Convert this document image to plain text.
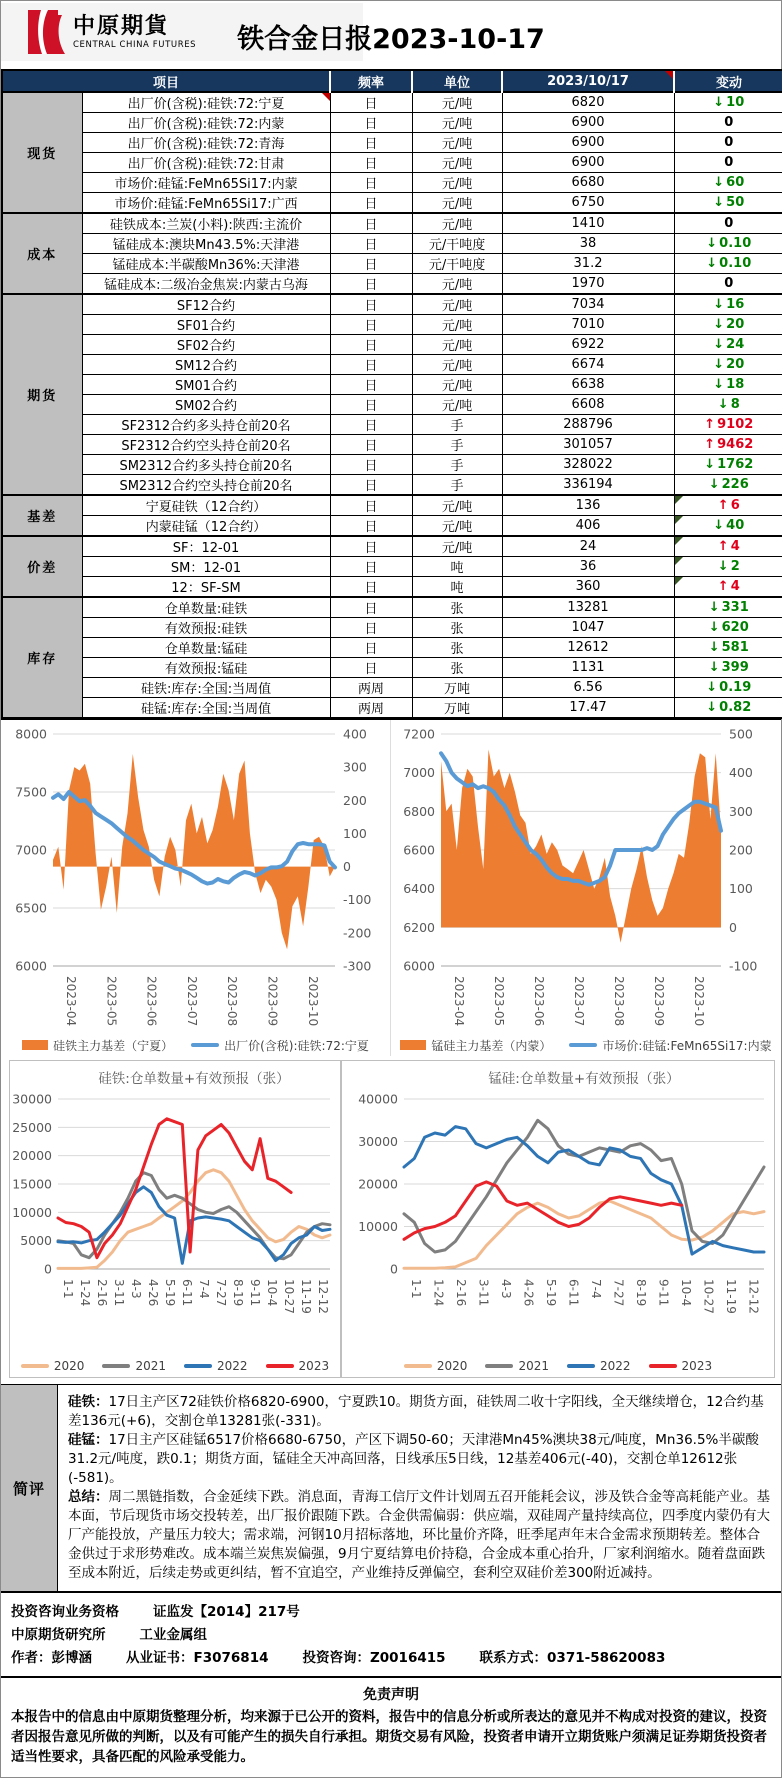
中原期貨
CENTRAL CHINA FUTURES 铁合金日报2023-10-17
项目		频率	单位	2023/10/17	变动
现货	出厂价(含税):硅铁:72:宁夏	日	元/吨	6820	↓ 10
	出厂价(含税):硅铁:72:内蒙	日	元/吨	6900	0
	出厂价(含税):硅铁:72:青海	日	元/吨	6900	0
	出厂价(含税):硅铁:72:甘肃	日	元/吨	6900	0
	市场价:硅锰:FeMn65Si17:内蒙	日	元/吨	6680	↓ 60
	市场价:硅锰:FeMn65Si17:广西	日	元/吨	6750	↓ 50
成本	硅铁成本:兰炭(小料):陕西:主流价	日	元/吨	1410	0
	锰硅成本:澳块Mn43.5%:天津港	日	元/干吨度	38	↓ 0.10
	锰硅成本:半碳酸Mn36%:天津港	日	元/干吨度	31.2	↓ 0.10
	锰硅成本:二级冶金焦炭:内蒙古乌海	日	元/吨	1970	0
期货	SF12合约	日	元/吨	7034	↓ 16
	SF01合约	日	元/吨	7010	↓ 20
	SF02合约	日	元/吨	6922	↓ 24
	SM12合约	日	元/吨	6674	↓ 20
	SM01合约	日	元/吨	6638	↓ 18
	SM02合约	日	元/吨	6608	↓ 8
	SF2312合约多头持仓前20名	日	手	288796	↑ 9102
	SF2312合约空头持仓前20名	日	手	301057	↑ 9462
	SM2312合约多头持仓前20名	日	手	328022	↓ 1762
	SM2312合约空头持仓前20名	日	手	336194	↓ 226
基差	宁夏硅铁（12合约）	日	元/吨	136	↑ 6
	内蒙硅锰（12合约）	日	元/吨	406	↓ 40
价差	SF：12-01	日	元/吨	24	↑ 4
	SM：12-01	日	吨	36	↓ 2
	12：SF-SM	日	吨	360	↑ 4
库存	仓单数量:硅铁	日	张	13281	↓ 331
	有效预报:硅铁	日	张	1047	↓ 620
	仓单数量:锰硅	日	张	12612	↓ 581
	有效预报:锰硅	日	张	1131	↓ 399
	硅铁:库存:全国:当周值	两周	万吨	6.56	↓ 0.19
	硅锰:库存:全国:当周值	两周	万吨	17.47	↓ 0.82
6000
6500
7000
7500
8000
-300
-200
-100
0
100
200
300
400
2023-04 2023-05 2023-06 2023-07 2023-08 2023-09 2023-10
硅铁主力基差（宁夏）	出厂价(含税):硅铁:72:宁夏
6000
6200
6400
6600
6800
7000
7200
-100
0
100
200
300
400
500
2023-04 2023-05 2023-06 2023-07 2023-08 2023-09 2023-10
锰硅主力基差（内蒙）	市场价:硅锰:FeMn65Si17:内蒙
硅铁:仓单数量+有效预报（张）
0
5000
10000
15000
20000
25000
30000
1-1 1-24 2-16 3-11 4-3 4-26 5-19 6-11 7-4 7-27 8-19 9-11 10-4 10-27 11-19 12-12
2020	2021	2022	2023
锰硅:仓单数量+有效预报（张）
0
10000
20000
30000
40000
1-1 1-24 2-16 3-11 4-3 4-26 5-19 6-11 7-4 7-27 8-19 9-11 10-4 10-27 11-19 12-12
2020	2021	2022	2023
简评

硅铁：17日主产区72硅铁价格6820-6900，宁夏跌10。期货方面，硅铁周二收十字阳线，全天继续增仓，12合约基差136元(+6)，交割仓单13281张(-331)。

硅锰：17日主产区硅锰6517价格6680-6750，产区下调50-60；天津港Mn45%澳块38元/吨度，Mn36.5%半碳酸31.2元/吨度，跌0.1；期货方面，锰硅全天冲高回落，日线承压5日线，12基差406元(-40)，交割仓单12612张(-581)。

总结：周二黑链指数，合金延续下跌。消息面，青海工信厅文件计划周五召开能耗会议，涉及铁合金等高耗能产业。基本面，节后现货市场交投转差，出厂报价跟随下跌。合金供需偏弱：供应端，双硅周产量持续高位，四季度内蒙仍有大厂产能投放，产量压力较大；需求端，河钢10月招标落地，环比量价齐降，旺季尾声年末合金需求预期转差。整体合金供过于求形势难改。成本端兰炭焦炭偏强，9月宁夏结算电价持稳，合金成本重心抬升，厂家利润缩水。随着盘面跌至成本附近，后续走势或更纠结，暂不宜追空，产业维持反弹偏空，套利空双硅价差300附近减持。

投资咨询业务资格	证监发【2014】217号
中原期货研究所	工业金属组
作者：彭博涵	从业证书：F3076814	投资咨询：Z0016415	联系方式：0371-58620083
免责声明

本报告中的信息由中原期货整理分析，均来源于已公开的资料，报告中的信息分析或所表达的意见并不构成对投资的建议，投资者因报告意见所做的判断，以及有可能产生的损失自行承担。期货交易有风险，投资者申请开立期货账户须满足证券期货投资者适当性要求，具备匹配的风险承受能力。
